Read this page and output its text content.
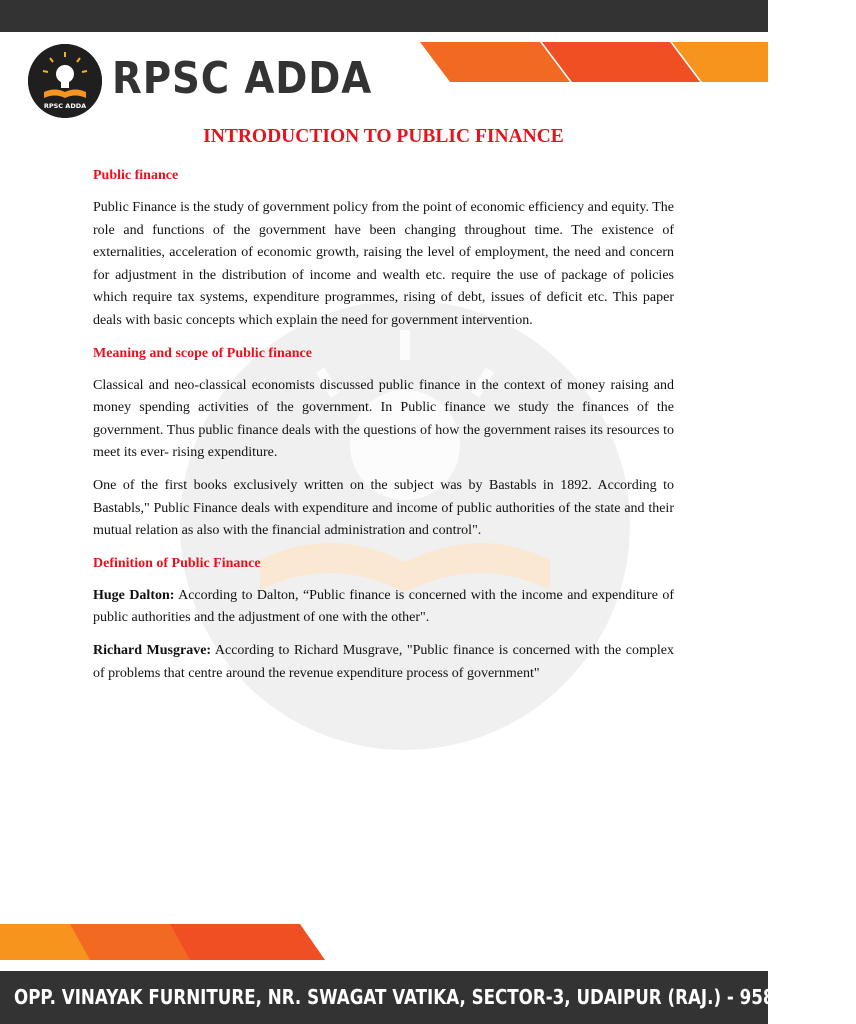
RPSC ADDA
RPSC ADDA
INTRODUCTION TO PUBLIC FINANCE
Public finance

Public Finance is the study of government policy from the point of economic efficiency and equity. The role and functions of the government have been changing throughout time. The existence of externalities, acceleration of economic growth, raising the level of employment, the need and concern for adjustment in the distribution of income and wealth etc. require the use of package of policies which require tax systems, expenditure programmes, rising of debt, issues of deficit etc. This paper deals with basic concepts which explain the need for government intervention.

Meaning and scope of Public finance

Classical and neo-classical economists discussed public finance in the context of money raising and money spending activities of the government. In Public finance we study the finances of the government. Thus public finance deals with the questions of how the government raises its resources to meet its ever- rising expenditure.

One of the first books exclusively written on the subject was by Bastabls in 1892. According to Bastabls," Public Finance deals with expenditure and income of public authorities of the state and their mutual relation as also with the financial administration and control".

Definition of Public Finance

Huge Dalton: According to Dalton, “Public finance is concerned with the income and expenditure of public authorities and the adjustment of one with the other".

Richard Musgrave: According to Richard Musgrave, "Public finance is concerned with the complex of problems that centre around the revenue expenditure process of government"

OPP. VINAYAK FURNITURE, NR. SWAGAT VATIKA, SECTOR-3, UDAIPUR (RAJ.) - 9587230303
